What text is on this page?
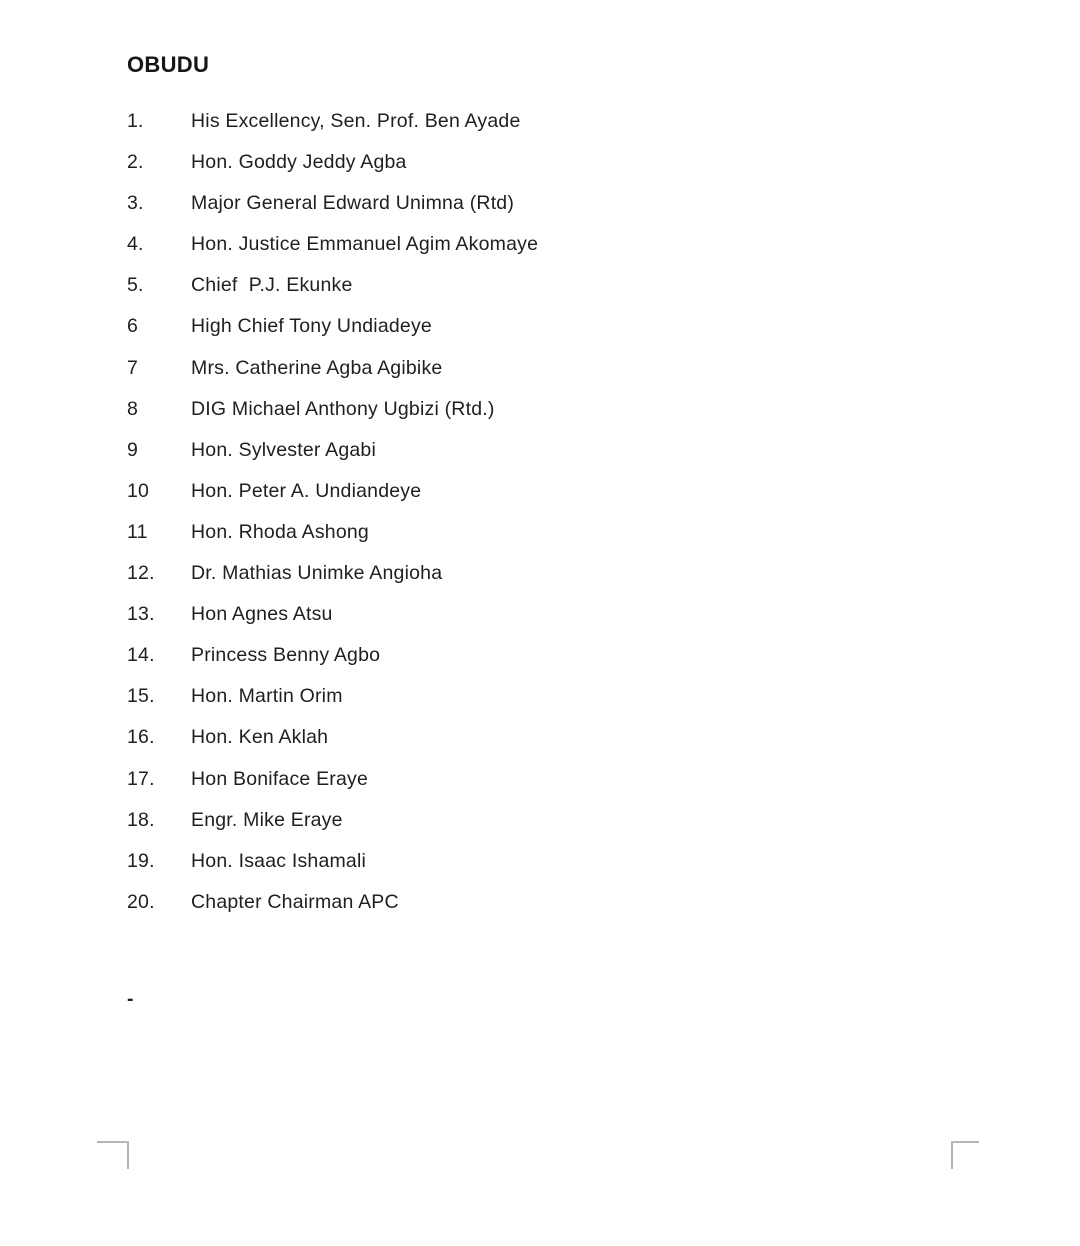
OBUDU
1.	His Excellency, Sen. Prof. Ben Ayade
2.	Hon. Goddy Jeddy Agba
3.	Major General Edward Unimna (Rtd)
4.	Hon. Justice Emmanuel Agim Akomaye
5.	Chief  P.J. Ekunke
6	High Chief Tony Undiadeye
7	Mrs. Catherine Agba Agibike
8	DIG Michael Anthony Ugbizi (Rtd.)
9	Hon. Sylvester Agabi
10	Hon. Peter A. Undiandeye
11	Hon. Rhoda Ashong
12.	Dr. Mathias Unimke Angioha
13.	Hon Agnes Atsu
14.	Princess Benny Agbo
15.	Hon. Martin Orim
16.	Hon. Ken Aklah
17.	Hon Boniface Eraye
18.	Engr. Mike Eraye
19.	Hon. Isaac Ishamali
20.	Chapter Chairman APC
-
